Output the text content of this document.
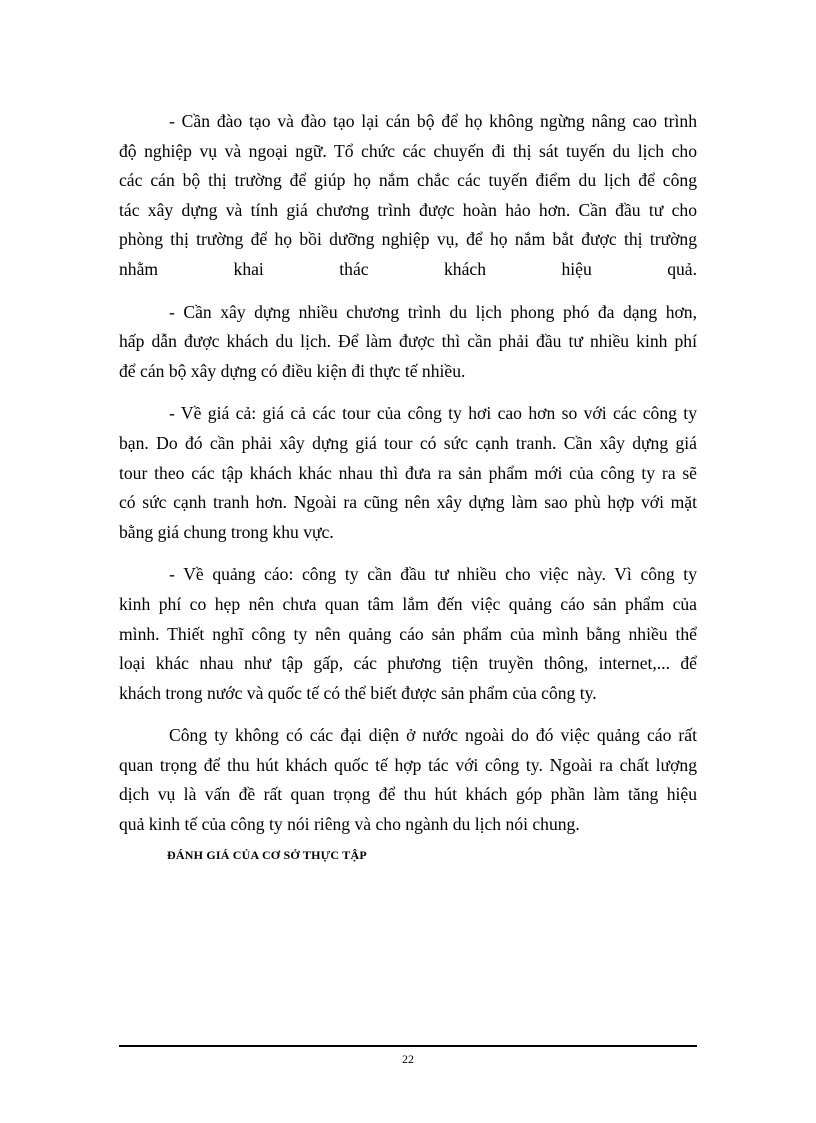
- Cần đào tạo và đào tạo lại cán bộ để họ không ngừng nâng cao trình
độ nghiệp vụ và ngoại ngữ. Tổ chức các chuyến đi thị sát tuyến du lịch cho
các cán bộ thị trường để giúp họ nắm chắc các tuyến điểm du lịch để công
tác xây dựng và tính giá chương trình được hoàn hảo hơn. Cần đầu tư cho
phòng thị trường để họ bồi dưỡng nghiệp vụ, để họ nắm bắt được thị trường
nhằm khai thác khách hiệu quả.

- Cần xây dựng nhiều chương trình du lịch phong phó đa dạng hơn,
hấp dẫn được khách du lịch. Để làm được thì cần phải đầu tư nhiều kinh phí
để cán bộ xây dựng có điều kiện đi thực tế nhiều.

- Về giá cả: giá cả các tour của công ty hơi cao hơn so với các công ty
bạn. Do đó cần phải xây dựng giá tour có sức cạnh tranh. Cần xây dựng giá
tour theo các tập khách khác nhau thì đưa ra sản phẩm mới của công ty ra sẽ
có sức cạnh tranh hơn. Ngoài ra cũng nên xây dựng làm sao phù hợp với mặt
bằng giá chung trong khu vực.

- Về quảng cáo: công ty cần đầu tư nhiều cho việc này. Vì công ty
kinh phí co hẹp nên chưa quan tâm lắm đến việc quảng cáo sản phẩm của
mình. Thiết nghĩ công ty nên quảng cáo sản phẩm của mình bằng nhiều thể
loại khác nhau như tập gấp, các phương tiện truyền thông, internet,... để
khách trong nước và quốc tế có thể biết được sản phẩm của công ty.

Công ty không có các đại diện ở nước ngoài do đó việc quảng cáo rất
quan trọng để thu hút khách quốc tế hợp tác với công ty. Ngoài ra chất lượng
dịch vụ là vấn đề rất quan trọng để thu hút khách góp phần làm tăng hiệu
quả kinh tế của công ty nói riêng và cho ngành du lịch nói chung.

ĐÁNH GIÁ CỦA CƠ SỞ THỰC TẬP

22
